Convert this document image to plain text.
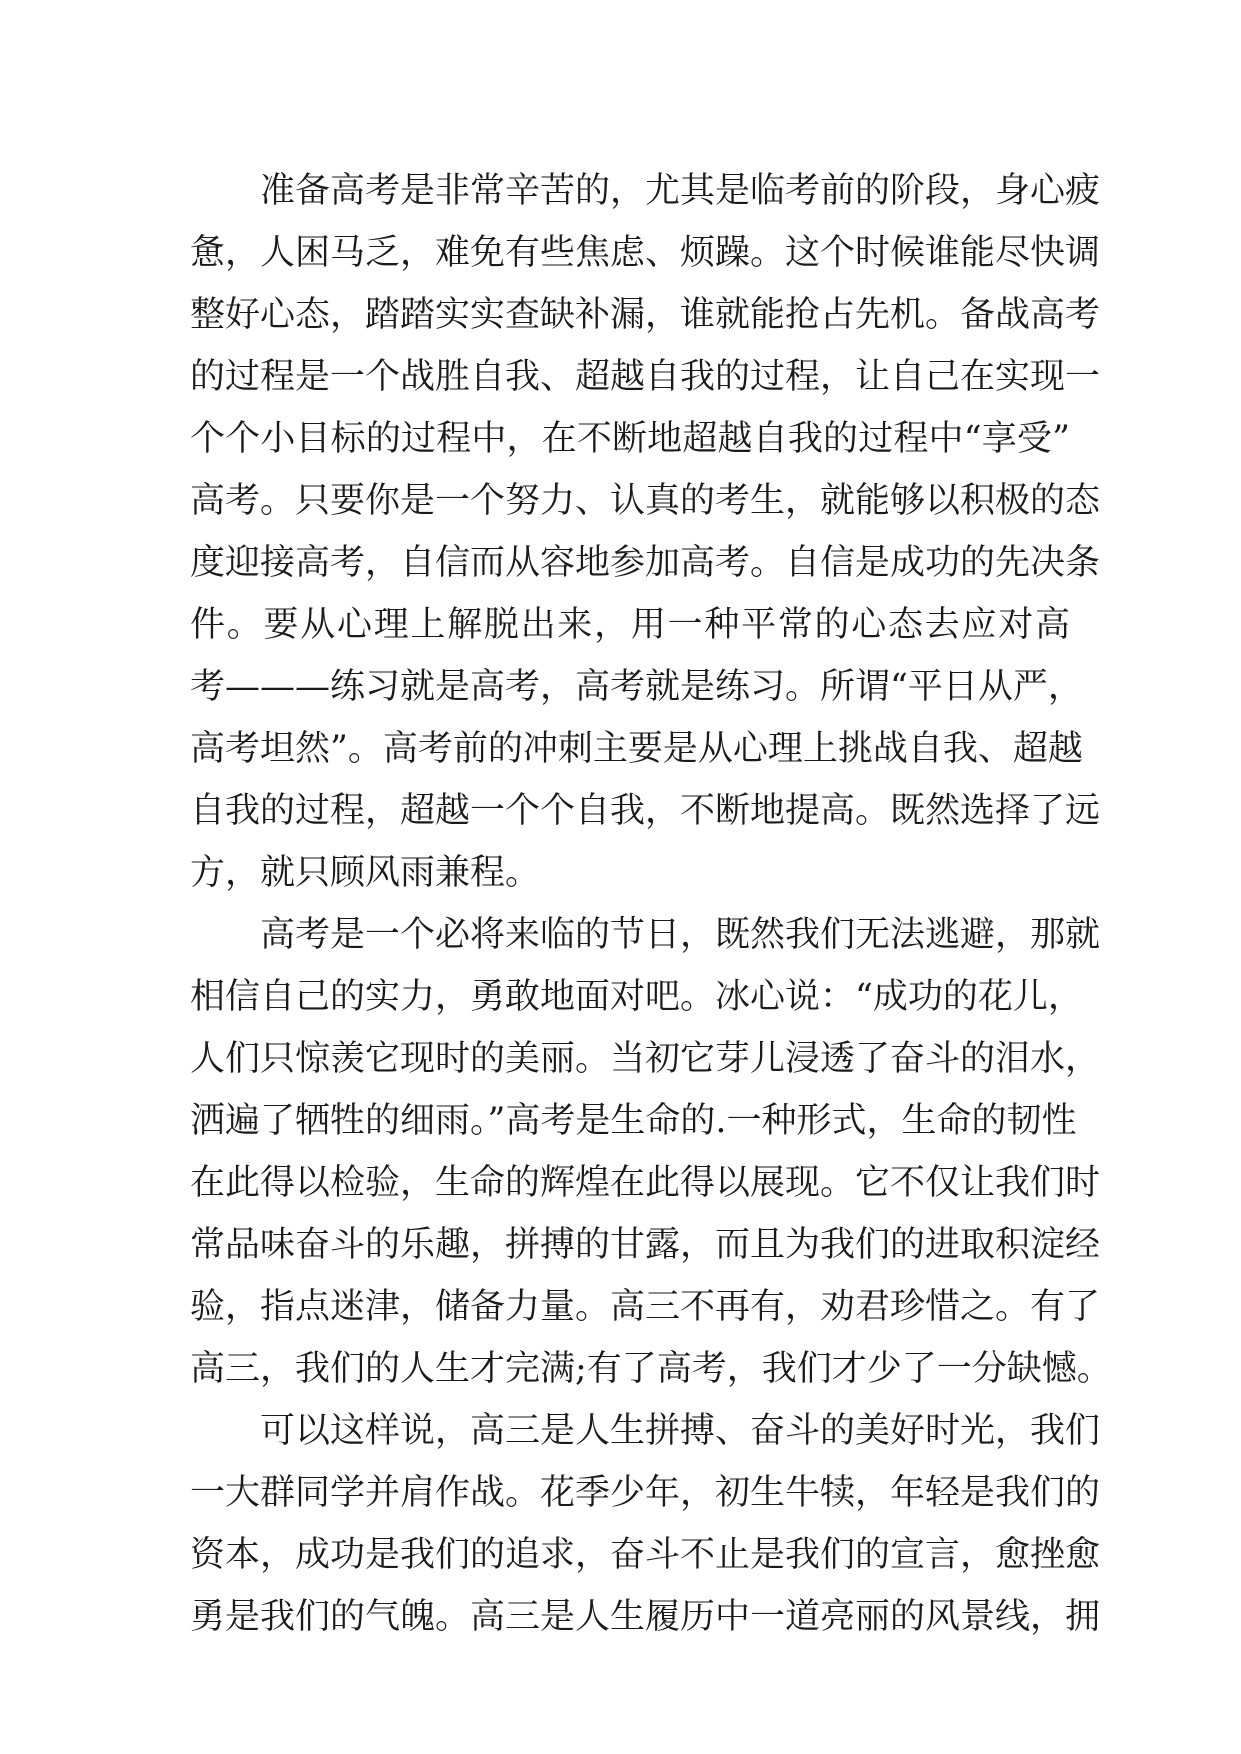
准备高考是非常辛苦的，尤其是临考前的阶段，身心疲
惫，人困马乏，难免有些焦虑、烦躁。这个时候谁能尽快调
整好心态，踏踏实实查缺补漏，谁就能抢占先机。备战高考
的过程是一个战胜自我、超越自我的过程，让自己在实现一
个个小目标的过程中，在不断地超越自我的过程中“享受”
高考。只要你是一个努力、认真的考生，就能够以积极的态
度迎接高考，自信而从容地参加高考。自信是成功的先决条
件。要从心理上解脱出来，用一种平常的心态去应对高
考———练习就是高考，高考就是练习。所谓“平日从严，
高考坦然”。高考前的冲刺主要是从心理上挑战自我、超越
自我的过程，超越一个个自我，不断地提高。既然选择了远
方，就只顾风雨兼程。
高考是一个必将来临的节日，既然我们无法逃避，那就
相信自己的实力，勇敢地面对吧。冰心说：“成功的花儿，
人们只惊羡它现时的美丽。当初它芽儿浸透了奋斗的泪水，
洒遍了牺牲的细雨。”高考是生命的.一种形式，生命的韧性
在此得以检验，生命的辉煌在此得以展现。它不仅让我们时
常品味奋斗的乐趣，拼搏的甘露，而且为我们的进取积淀经
验，指点迷津，储备力量。高三不再有，劝君珍惜之。有了
高三，我们的人生才完满;有了高考，我们才少了一分缺憾。
可以这样说，高三是人生拼搏、奋斗的美好时光，我们
一大群同学并肩作战。花季少年，初生牛犊，年轻是我们的
资本，成功是我们的追求，奋斗不止是我们的宣言，愈挫愈
勇是我们的气魄。高三是人生履历中一道亮丽的风景线，拥
